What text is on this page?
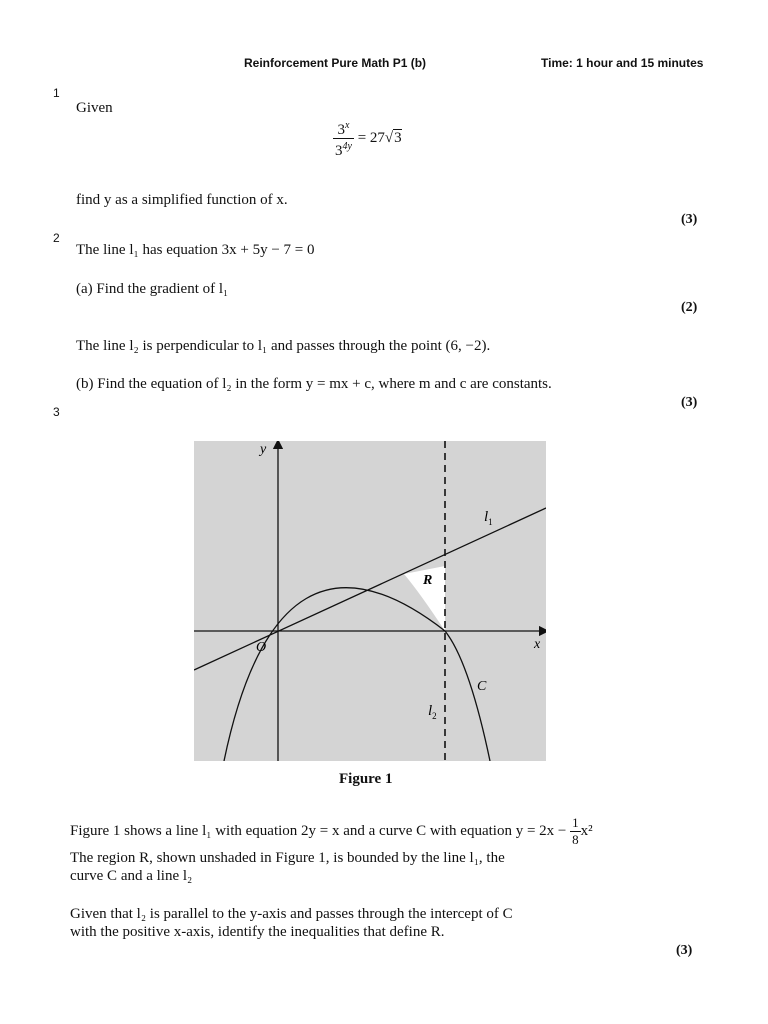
Reinforcement Pure Math P1 (b)	Time: 1 hour and 15 minutes
1
Given
$\frac{3^x}{3^{4y}} = 27√3$
find y as a simplified function of x.
(3)
2
The line l₁ has equation 3x + 5y − 7 = 0
(a) Find the gradient of l₁
(2)
The line l₂ is perpendicular to l₁ and passes through the point (6, −2).
(b) Find the equation of l₂ in the form y = mx + c, where m and c are constants.
(3)
3
y
x
O
$l_1$
$l_2$
C
R
Figure 1
Figure 1 shows a line l₁ with equation 2y = x and a curve C with equation $y = 2x - \frac{1}{8} x^2$
The region R, shown unshaded in Figure 1, is bounded by the line l₁, the
curve C and a line l₂
Given that l₂ is parallel to the y-axis and passes through the intercept of C
with the positive x-axis, identify the inequalities that define R.
(3)
